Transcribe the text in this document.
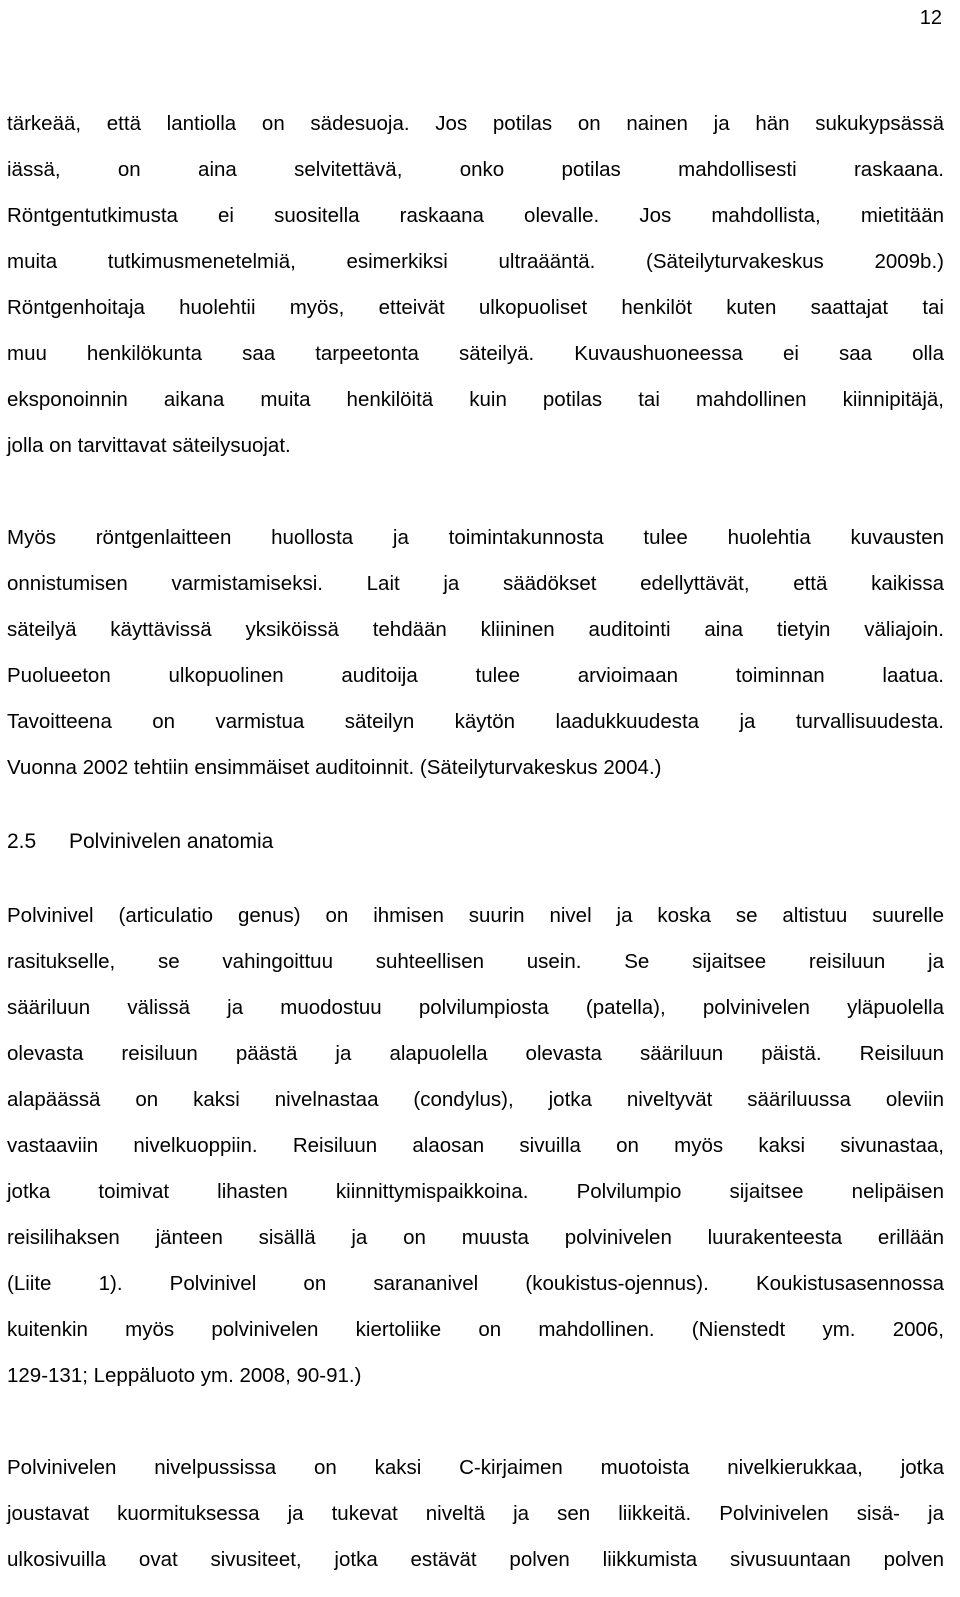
12
tärkeää, että lantiolla on sädesuoja. Jos potilas on nainen ja hän sukukypsässä
iässä, on aina selvitettävä, onko potilas mahdollisesti raskaana.
Röntgentutkimusta ei suositella raskaana olevalle. Jos mahdollista, mietitään
muita tutkimusmenetelmiä, esimerkiksi ultraääntä. (Säteilyturvakeskus 2009b.)
Röntgenhoitaja huolehtii myös, etteivät ulkopuoliset henkilöt kuten saattajat tai
muu henkilökunta saa tarpeetonta säteilyä. Kuvaushuoneessa ei saa olla
eksponoinnin aikana muita henkilöitä kuin potilas tai mahdollinen kiinnipitäjä,
jolla on tarvittavat säteilysuojat.
Myös röntgenlaitteen huollosta ja toimintakunnosta tulee huolehtia kuvausten
onnistumisen varmistamiseksi. Lait ja säädökset edellyttävät, että kaikissa
säteilyä käyttävissä yksiköissä tehdään kliininen auditointi aina tietyin väliajoin.
Puolueeton ulkopuolinen auditoija tulee arvioimaan toiminnan laatua.
Tavoitteena on varmistua säteilyn käytön laadukkuudesta ja turvallisuudesta.
Vuonna 2002 tehtiin ensimmäiset auditoinnit. (Säteilyturvakeskus 2004.)
2.5 Polvinivelen anatomia
Polvinivel (articulatio genus) on ihmisen suurin nivel ja koska se altistuu suurelle
rasitukselle, se vahingoittuu suhteellisen usein. Se sijaitsee reisiluun ja
sääriluun välissä ja muodostuu polvilumpiosta (patella), polvinivelen yläpuolella
olevasta reisiluun päästä ja alapuolella olevasta sääriluun päistä. Reisiluun
alapäässä on kaksi nivelnastaa (condylus), jotka niveltyvät sääriluussa oleviin
vastaaviin nivelkuoppiin. Reisiluun alaosan sivuilla on myös kaksi sivunastaa,
jotka toimivat lihasten kiinnittymispaikkoina. Polvilumpio sijaitsee nelipäisen
reisilihaksen jänteen sisällä ja on muusta polvinivelen luurakenteesta erillään
(Liite 1). Polvinivel on sarananivel (koukistus-ojennus). Koukistusasennossa
kuitenkin myös polvinivelen kiertoliike on mahdollinen. (Nienstedt ym. 2006,
129-131; Leppäluoto ym. 2008, 90-91.)
Polvinivelen nivelpussissa on kaksi C-kirjaimen muotoista nivelkierukkaa, jotka
joustavat kuormituksessa ja tukevat niveltä ja sen liikkeitä. Polvinivelen sisä- ja
ulkosivuilla ovat sivusiteet, jotka estävät polven liikkumista sivusuuntaan polven
